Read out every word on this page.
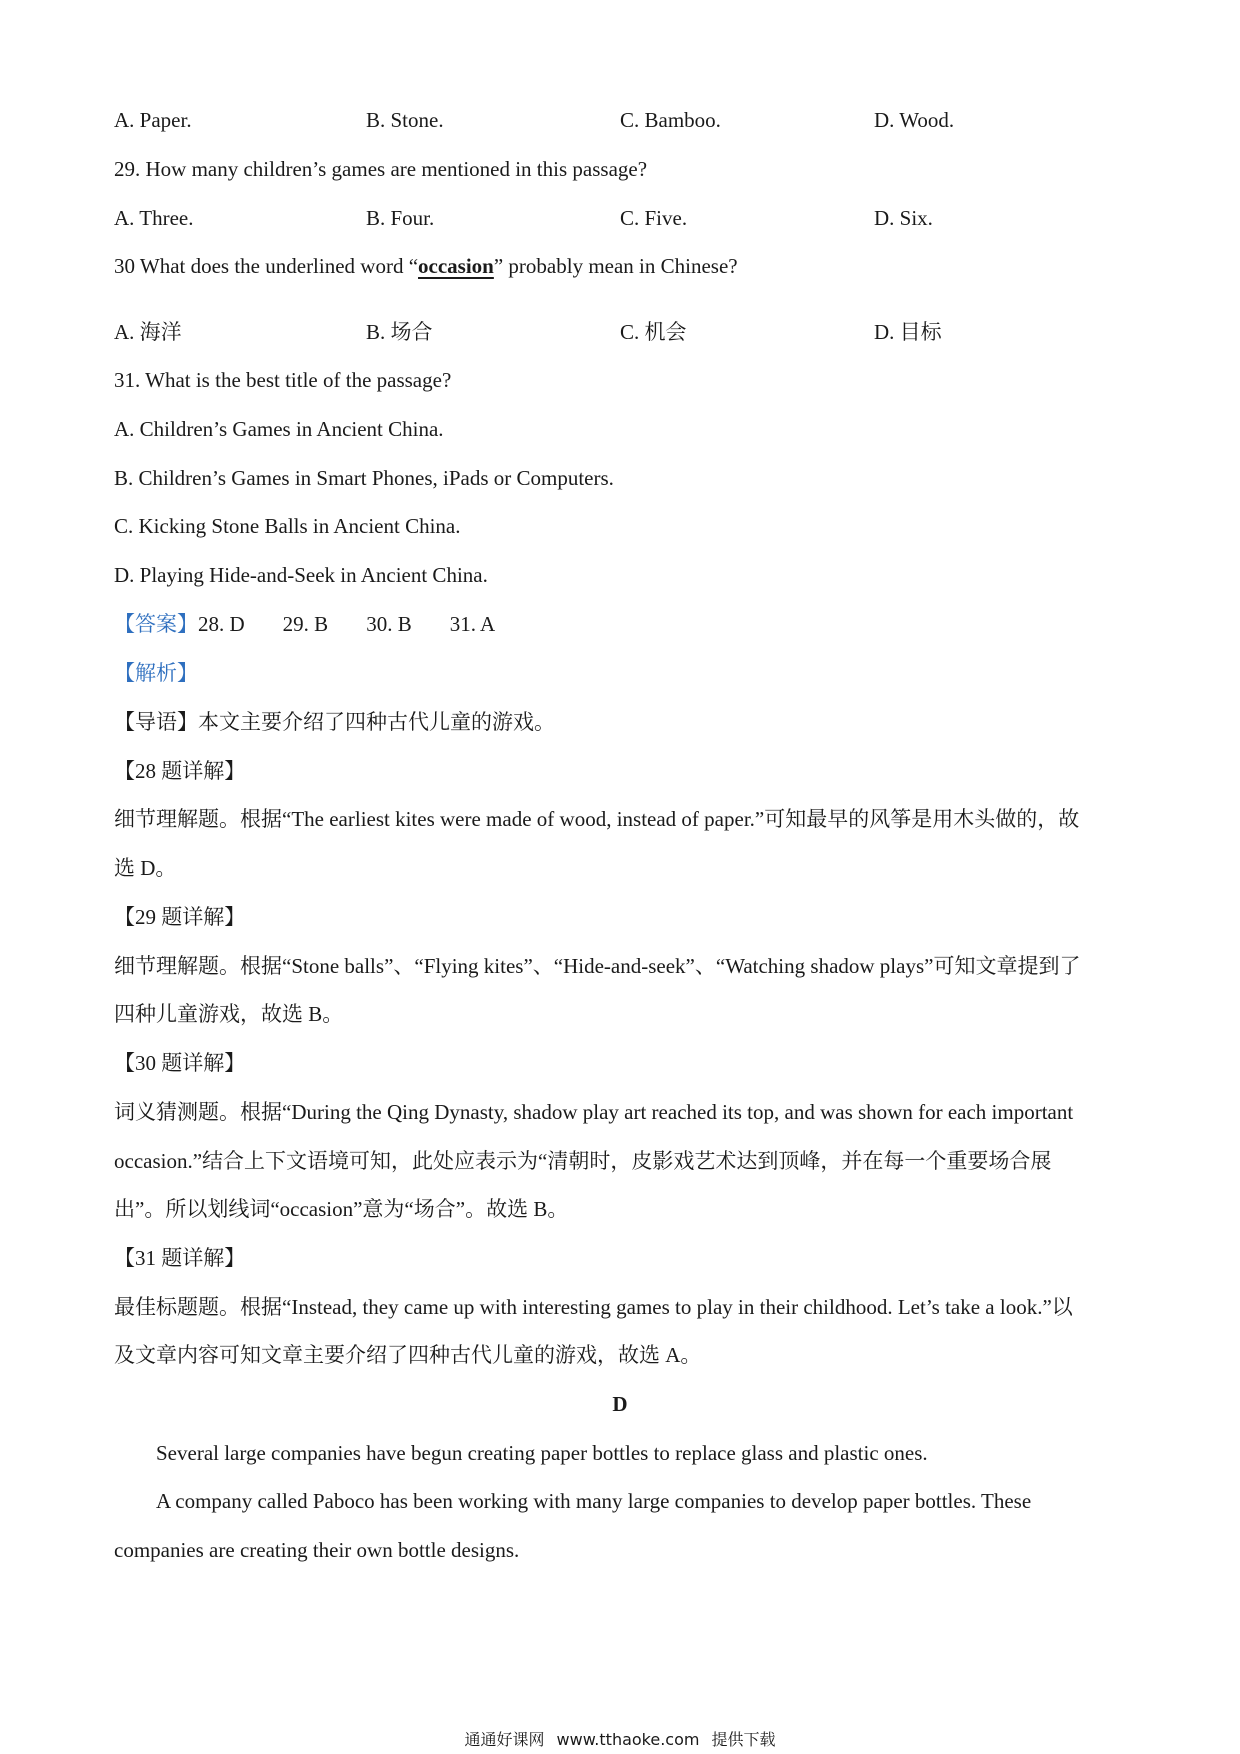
A. Paper.	B. Stone.	C. Bamboo.	D. Wood.
29. How many children’s games are mentioned in this passage?
A. Three.	B. Four.	C. Five.	D. Six.
30 What does the underlined word “occasion” probably mean in Chinese?
A. 海洋	B. 场合	C. 机会	D. 目标
31. What is the best title of the passage?
A. Children’s Games in Ancient China.
B. Children’s Games in Smart Phones, iPads or Computers.
C. Kicking Stone Balls in Ancient China.
D. Playing Hide-and-Seek in Ancient China.
【答案】28. D 29. B 30. B 31. A
【解析】
【导语】本文主要介绍了四种古代儿童的游戏。
【28 题详解】
细节理解题。根据“The earliest kites were made of wood, instead of paper.”可知最早的风筝是用木头做的，故
选 D。
【29 题详解】
细节理解题。根据“Stone balls”、“Flying kites”、“Hide-and-seek”、“Watching shadow plays”可知文章提到了
四种儿童游戏，故选 B。
【30 题详解】
词义猜测题。根据“During the Qing Dynasty, shadow play art reached its top, and was shown for each important
occasion.”结合上下文语境可知，此处应表示为“清朝时，皮影戏艺术达到顶峰，并在每一个重要场合展
出”。所以划线词“occasion”意为“场合”。故选 B。
【31 题详解】
最佳标题题。根据“Instead, they came up with interesting games to play in their childhood. Let’s take a look.”以
及文章内容可知文章主要介绍了四种古代儿童的游戏，故选 A。
D
Several large companies have begun creating paper bottles to replace glass and plastic ones.
A company called Paboco has been working with many large companies to develop paper bottles. These
companies are creating their own bottle designs.
通通好课网 www.tthaoke.com 提供下载
